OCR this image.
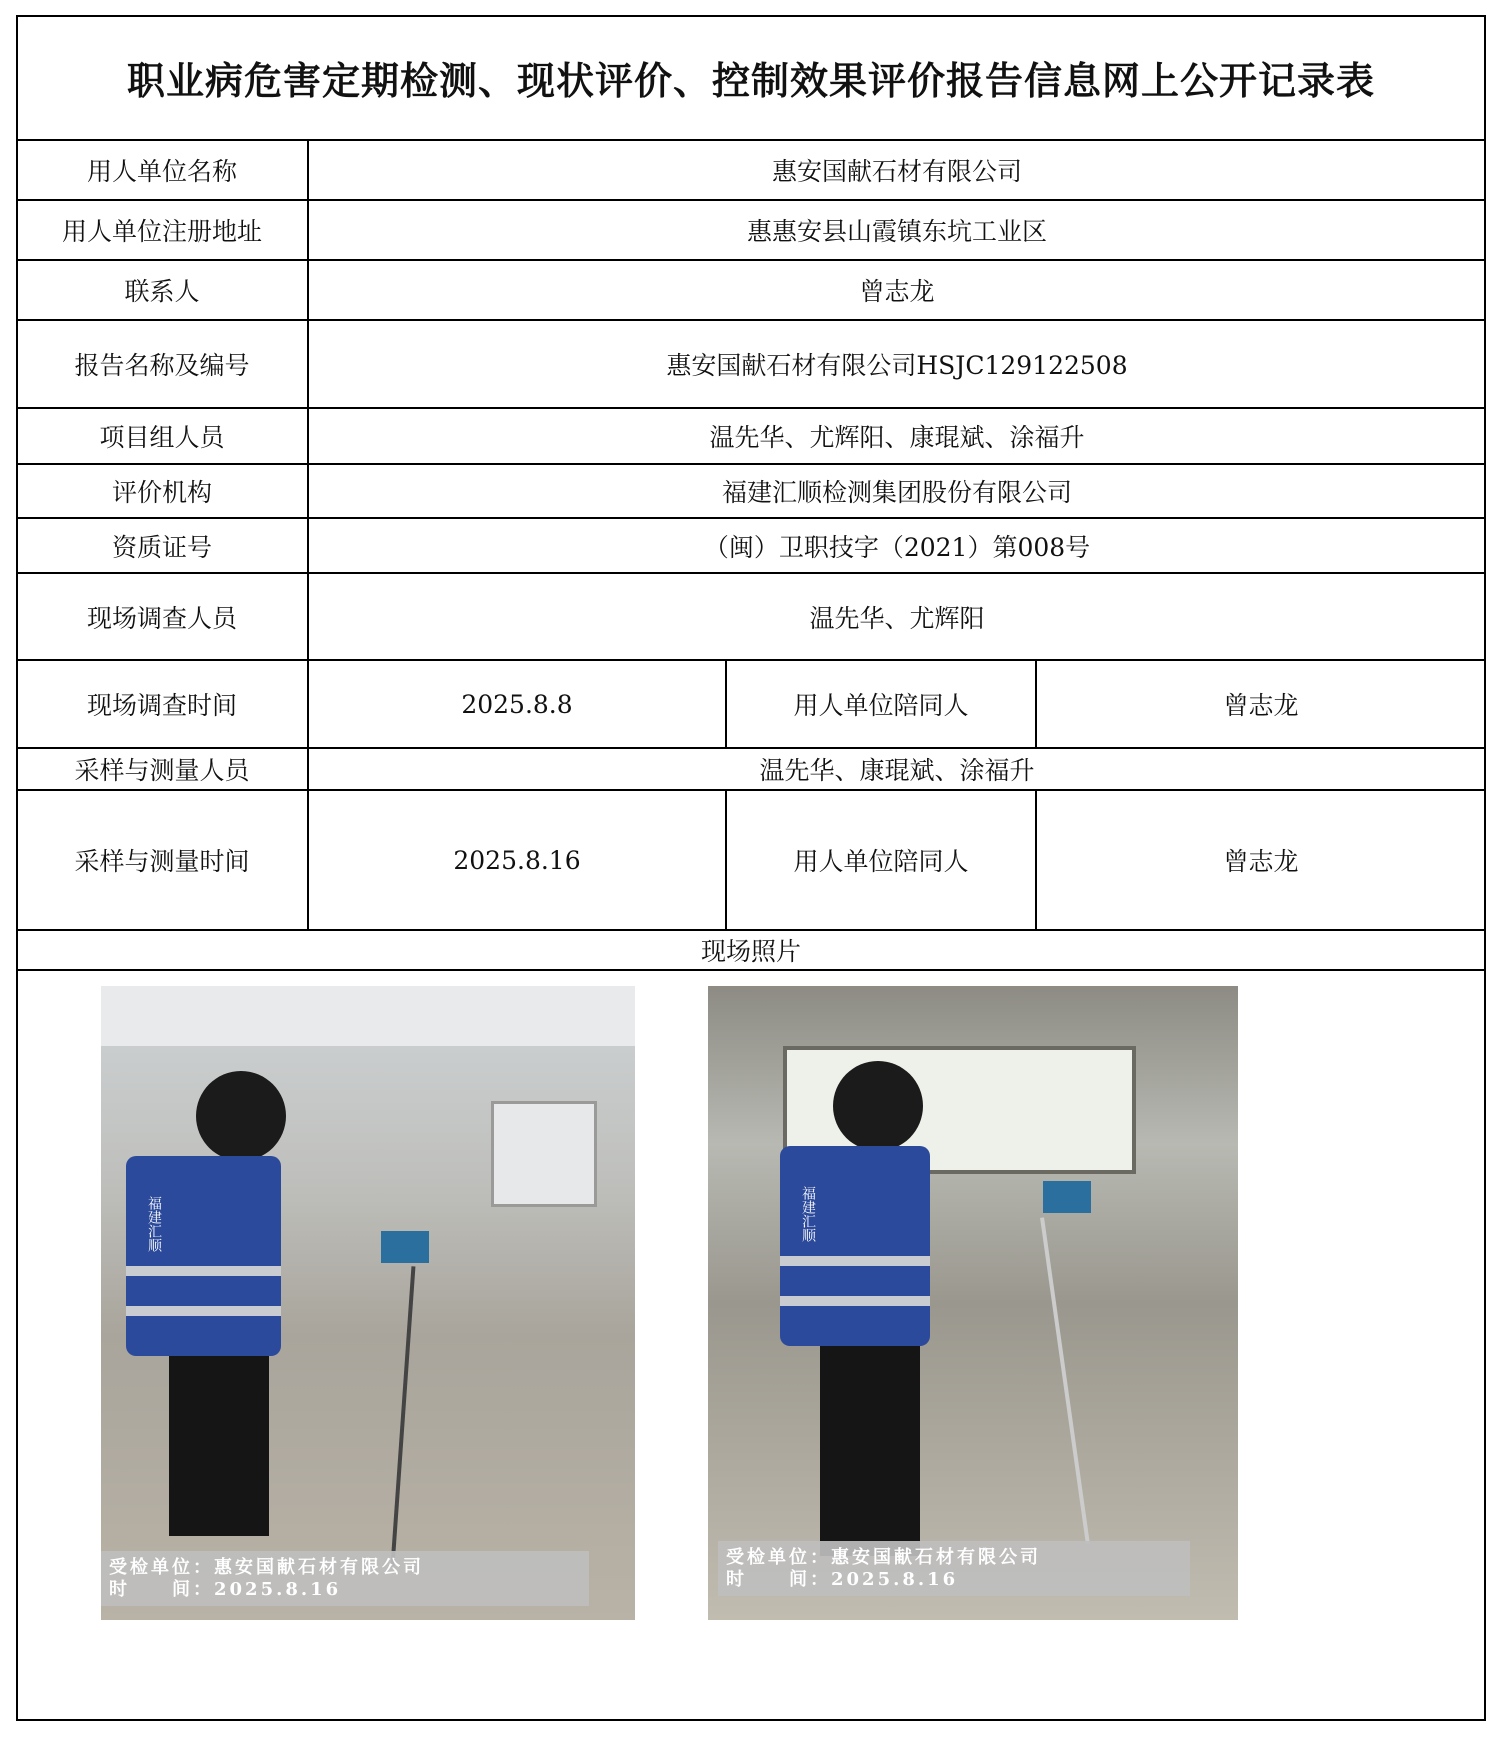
职业病危害定期检测、现状评价、控制效果评价报告信息网上公开记录表
用人单位名称	惠安国献石材有限公司
用人单位注册地址	惠惠安县山霞镇东坑工业区
联系人	曾志龙
报告名称及编号	惠安国献石材有限公司HSJC129122508
项目组人员	温先华、尤辉阳、康琨斌、涂福升
评价机构	福建汇顺检测集团股份有限公司
资质证号	（闽）卫职技字（2021）第008号
现场调查人员	温先华、尤辉阳
现场调查时间	2025.8.8	用人单位陪同人	曾志龙
采样与测量人员	温先华、康琨斌、涂福升
采样与测量时间	2025.8.16	用人单位陪同人	曾志龙
现场照片
福建汇顺
受检单位：惠安国献石材有限公司
时　　间：2025.8.16
福建汇顺
受检单位：惠安国献石材有限公司
时　　间：2025.8.16
